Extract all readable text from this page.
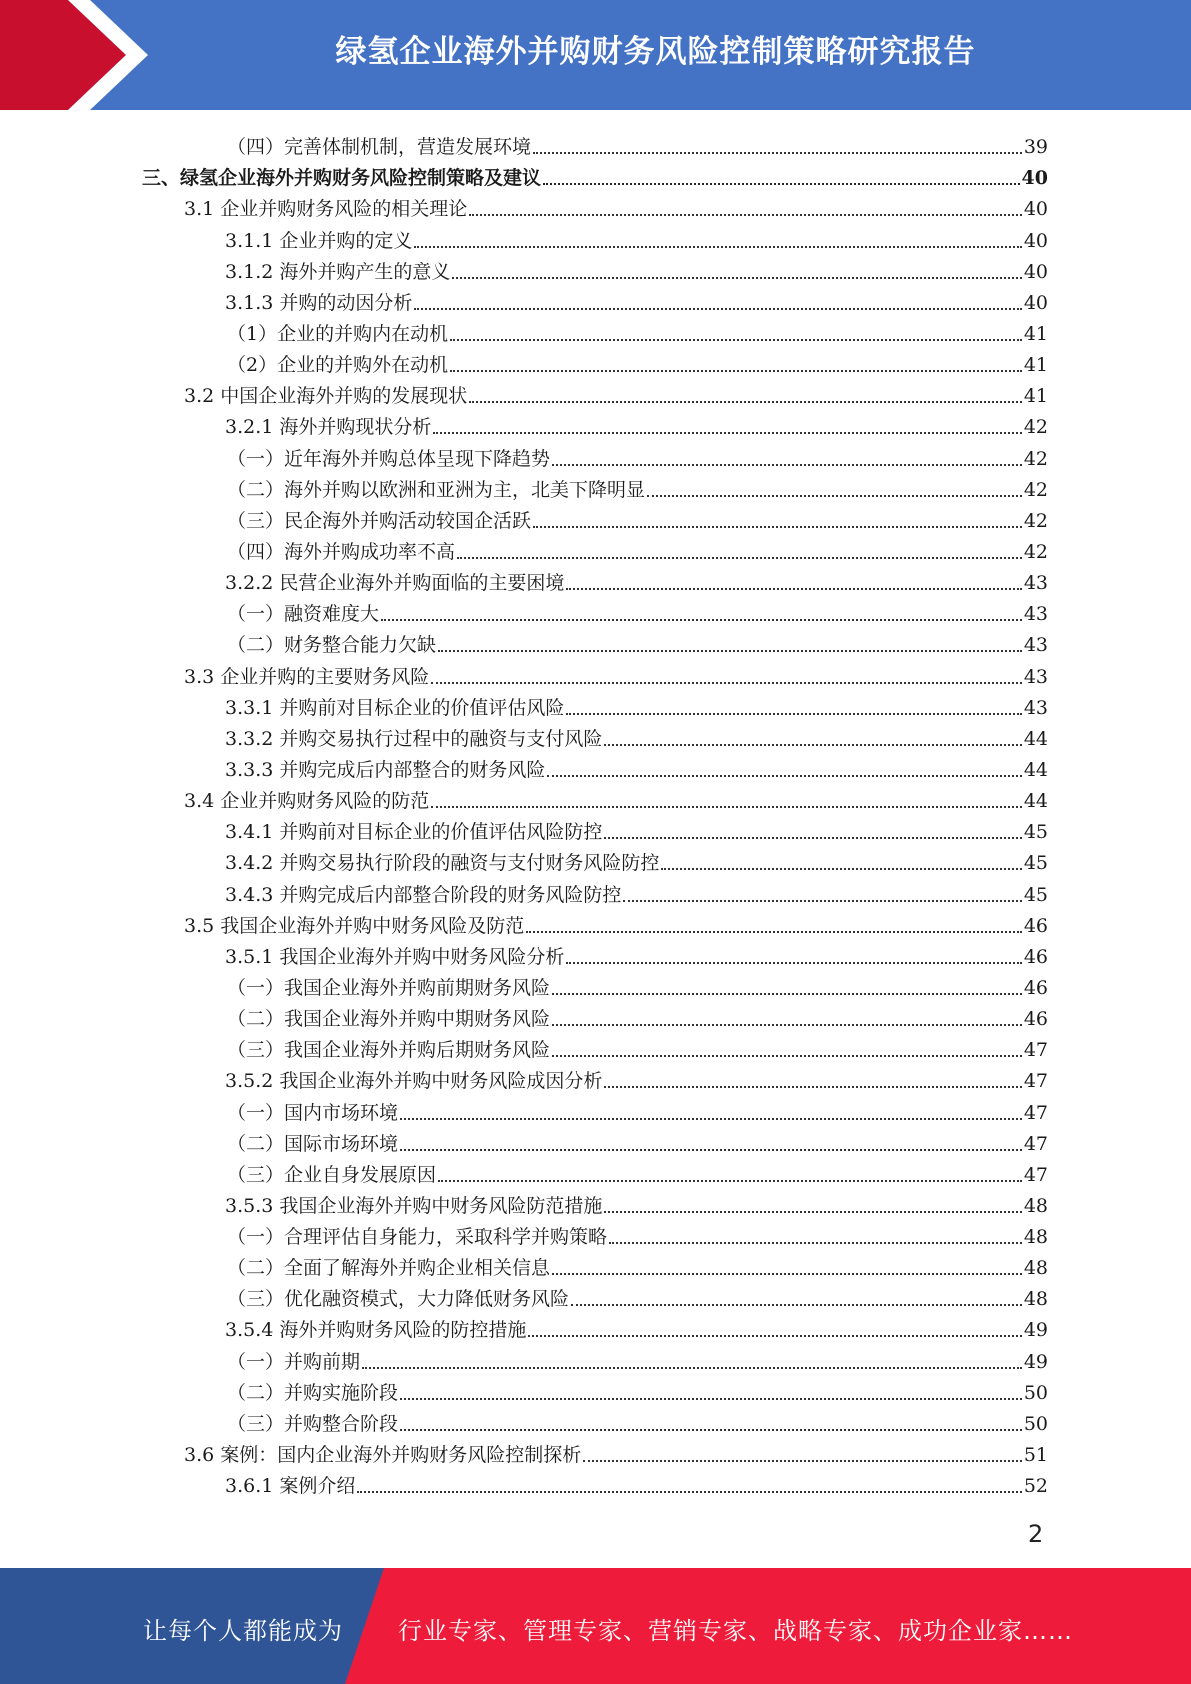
绿氢企业海外并购财务风险控制策略研究报告
（四）完善体制机制，营造发展环境	39
三、绿氢企业海外并购财务风险控制策略及建议	40
3.1 企业并购财务风险的相关理论	40
3.1.1 企业并购的定义	40
3.1.2 海外并购产生的意义	40
3.1.3 并购的动因分析	40
（1）企业的并购内在动机	41
（2）企业的并购外在动机	41
3.2 中国企业海外并购的发展现状	41
3.2.1 海外并购现状分析	42
（一）近年海外并购总体呈现下降趋势	42
（二）海外并购以欧洲和亚洲为主，北美下降明显	42
（三）民企海外并购活动较国企活跃	42
（四）海外并购成功率不高	42
3.2.2 民营企业海外并购面临的主要困境	43
（一）融资难度大	43
（二）财务整合能力欠缺	43
3.3 企业并购的主要财务风险	43
3.3.1 并购前对目标企业的价值评估风险	43
3.3.2 并购交易执行过程中的融资与支付风险	44
3.3.3 并购完成后内部整合的财务风险	44
3.4 企业并购财务风险的防范	44
3.4.1 并购前对目标企业的价值评估风险防控	45
3.4.2 并购交易执行阶段的融资与支付财务风险防控	45
3.4.3 并购完成后内部整合阶段的财务风险防控	45
3.5 我国企业海外并购中财务风险及防范	46
3.5.1 我国企业海外并购中财务风险分析	46
（一）我国企业海外并购前期财务风险	46
（二）我国企业海外并购中期财务风险	46
（三）我国企业海外并购后期财务风险	47
3.5.2 我国企业海外并购中财务风险成因分析	47
（一）国内市场环境	47
（二）国际市场环境	47
（三）企业自身发展原因	47
3.5.3 我国企业海外并购中财务风险防范措施	48
（一）合理评估自身能力，采取科学并购策略	48
（二）全面了解海外并购企业相关信息	48
（三）优化融资模式，大力降低财务风险	48
3.5.4 海外并购财务风险的防控措施	49
（一）并购前期	49
（二）并购实施阶段	50
（三）并购整合阶段	50
3.6 案例：国内企业海外并购财务风险控制探析	51
3.6.1 案例介绍	52
2
让每个人都能成为 行业专家、管理专家、营销专家、战略专家、成功企业家……
